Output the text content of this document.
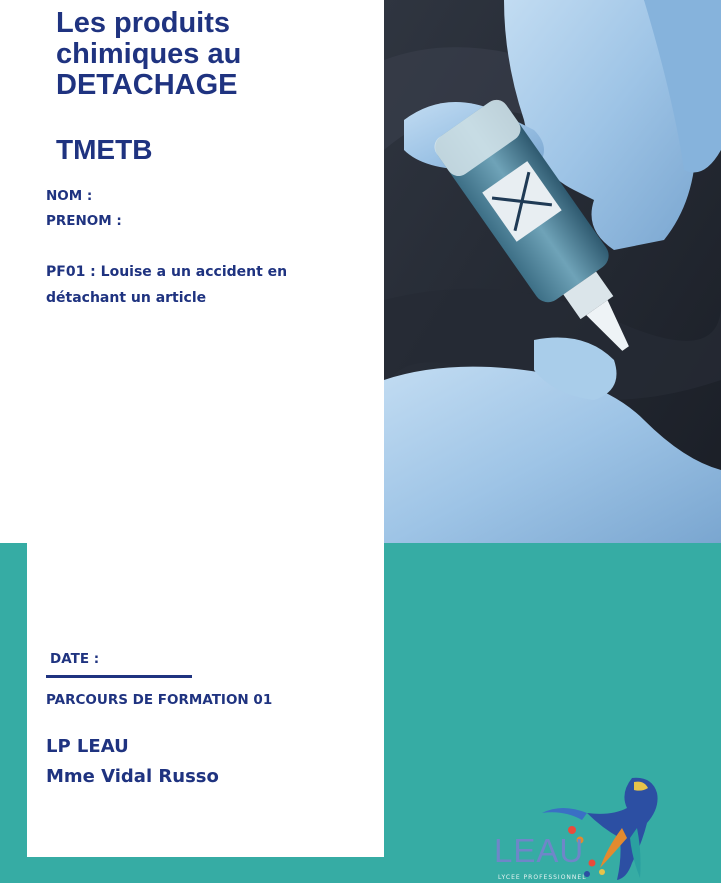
Les produits chimiques au DETACHAGE
TMETB
NOM :
PRENOM :
PF01 : Louise a un accident en détachant un article
DATE :
PARCOURS DE FORMATION 01
LP LEAU
Mme Vidal Russo
LEAU
LYCEE PROFESSIONNEL
